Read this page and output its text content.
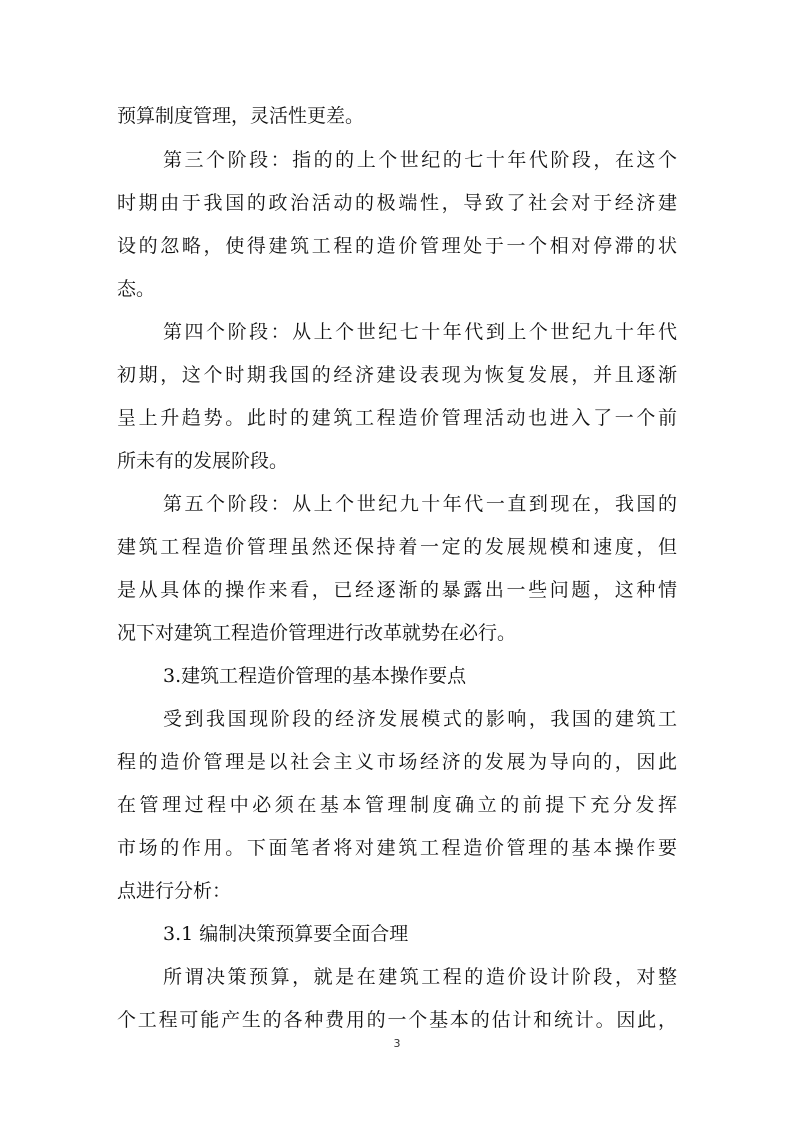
预算制度管理，灵活性更差。
第三个阶段：指的的上个世纪的七十年代阶段，在这个
时期由于我国的政治活动的极端性，导致了社会对于经济建
设的忽略，使得建筑工程的造价管理处于一个相对停滞的状
态。
第四个阶段：从上个世纪七十年代到上个世纪九十年代
初期，这个时期我国的经济建设表现为恢复发展，并且逐渐
呈上升趋势。此时的建筑工程造价管理活动也进入了一个前
所未有的发展阶段。
第五个阶段：从上个世纪九十年代一直到现在，我国的
建筑工程造价管理虽然还保持着一定的发展规模和速度，但
是从具体的操作来看，已经逐渐的暴露出一些问题，这种情
况下对建筑工程造价管理进行改革就势在必行。
3.建筑工程造价管理的基本操作要点
受到我国现阶段的经济发展模式的影响，我国的建筑工
程的造价管理是以社会主义市场经济的发展为导向的，因此
在管理过程中必须在基本管理制度确立的前提下充分发挥
市场的作用。下面笔者将对建筑工程造价管理的基本操作要
点进行分析：
3.1 编制决策预算要全面合理
所谓决策预算，就是在建筑工程的造价设计阶段，对整
个工程可能产生的各种费用的一个基本的估计和统计。因此，
3
